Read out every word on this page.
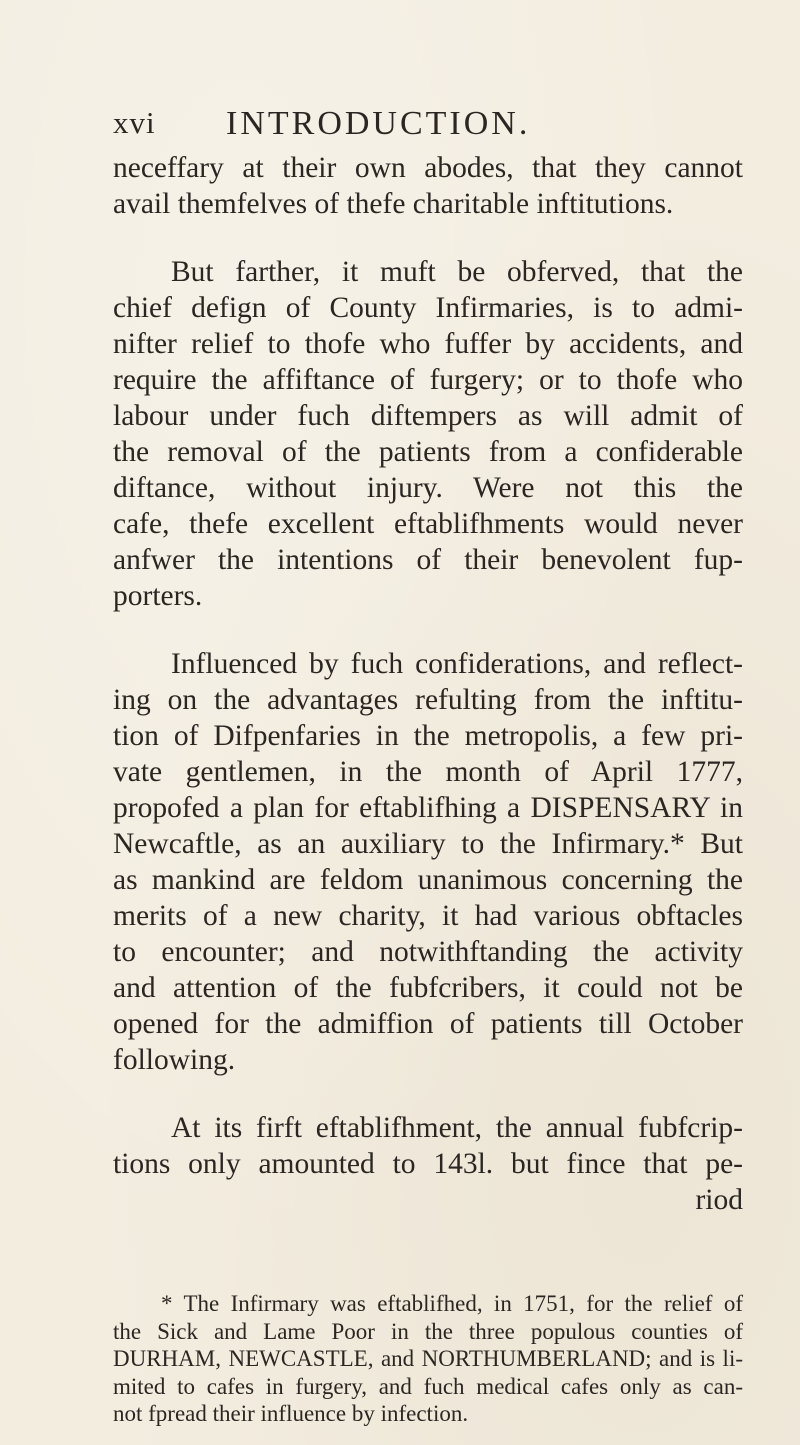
xvi INTRODUCTION.
neceffary at their own abodes, that they cannot
avail themfelves of thefe charitable inftitutions.
But farther, it muft be obferved, that the
chief defign of County Infirmaries, is to admi-
nifter relief to thofe who fuffer by accidents, and
require the affiftance of furgery; or to thofe who
labour under fuch diftempers as will admit of
the removal of the patients from a confiderable
diftance, without injury. Were not this the
cafe, thefe excellent eftablifhments would never
anfwer the intentions of their benevolent fup-
porters.
Influenced by fuch confiderations, and reflect-
ing on the advantages refulting from the inftitu-
tion of Difpenfaries in the metropolis, a few pri-
vate gentlemen, in the month of April 1777,
propofed a plan for eftablifhing a DISPENSARY in
Newcaftle, as an auxiliary to the Infirmary.* But
as mankind are feldom unanimous concerning the
merits of a new charity, it had various obftacles
to encounter; and notwithftanding the activity
and attention of the fubfcribers, it could not be
opened for the admiffion of patients till October
following.
At its firft eftablifhment, the annual fubfcrip-
tions only amounted to 143l. but fince that pe-
riod
* The Infirmary was eftablifhed, in 1751, for the relief of
the Sick and Lame Poor in the three populous counties of
DURHAM, NEWCASTLE, and NORTHUMBERLAND; and is li-
mited to cafes in furgery, and fuch medical cafes only as can-
not fpread their influence by infection.
